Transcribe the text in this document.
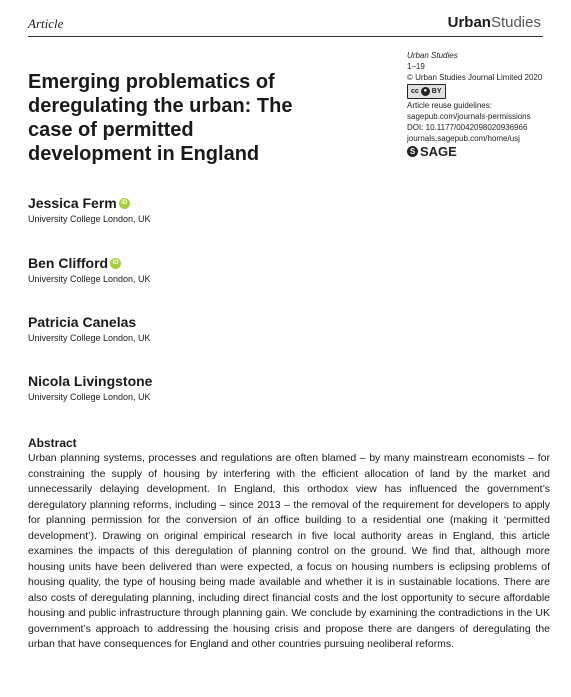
Article	UrbanStudies
Emerging problematics of deregulating the urban: The case of permitted development in England
Urban Studies
1–19
© Urban Studies Journal Limited 2020
cc ● BY
Article reuse guidelines:
sagepub.com/journals-permissions
DOI: 10.1177/0042098020936966
journals.sagepub.com/home/usj
S SAGE
Jessica Ferm iD
University College London, UK
Ben Clifford iD
University College London, UK
Patricia Canelas
University College London, UK
Nicola Livingstone
University College London, UK
Abstract

Urban planning systems, processes and regulations are often blamed – by many mainstream economists – for constraining the supply of housing by interfering with the efficient allocation of land by the market and unnecessarily delaying development. In England, this orthodox view has influenced the government’s deregulatory planning reforms, including – since 2013 – the removal of the requirement for developers to apply for planning permission for the conversion of an office building to a residential one (making it ‘permitted development’). Drawing on original empirical research in five local authority areas in England, this article examines the impacts of this deregulation of planning control on the ground. We find that, although more housing units have been delivered than were expected, a focus on housing numbers is eclipsing problems of housing quality, the type of housing being made available and whether it is in sustainable locations. There are also costs of deregulating planning, including direct financial costs and the lost opportunity to secure affordable housing and public infrastructure through planning gain. We conclude by examining the contradictions in the UK government’s approach to addressing the housing crisis and propose there are dangers of deregulating the urban that have consequences for England and other countries pursuing neoliberal reforms.
